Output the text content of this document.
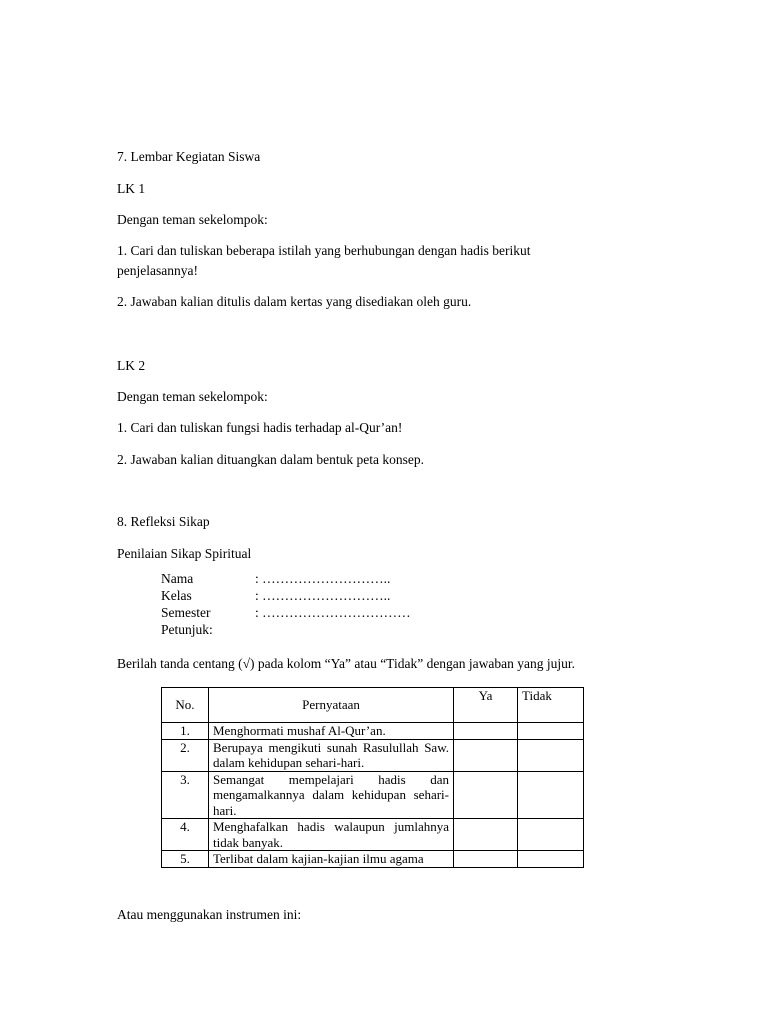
7. Lembar Kegiatan Siswa
LK 1
Dengan teman sekelompok:
1. Cari dan tuliskan beberapa istilah yang berhubungan dengan hadis berikut
penjelasannya!
2. Jawaban kalian ditulis dalam kertas yang disediakan oleh guru.
LK 2
Dengan teman sekelompok:
1. Cari dan tuliskan fungsi hadis terhadap al-Qur’an!
2. Jawaban kalian dituangkan dalam bentuk peta konsep.
8. Refleksi Sikap
Penilaian Sikap Spiritual
Nama	: ………………………..
Kelas	: ………………………..
Semester	: ……………………………
Petunjuk:
Berilah tanda centang (√) pada kolom “Ya” atau “Tidak” dengan jawaban yang jujur.
No.	Pernyataan	Ya	Tidak
1.	Menghormati mushaf Al-Qur’an.		
2.	Berupaya mengikuti sunah Rasulullah Saw. dalam kehidupan sehari-hari.		
3.	Semangat mempelajari hadis dan mengamalkannya dalam kehidupan sehari-hari.		
4.	Menghafalkan hadis walaupun jumlahnya tidak banyak.		
5.	Terlibat dalam kajian-kajian ilmu agama		
Atau menggunakan instrumen ini:
